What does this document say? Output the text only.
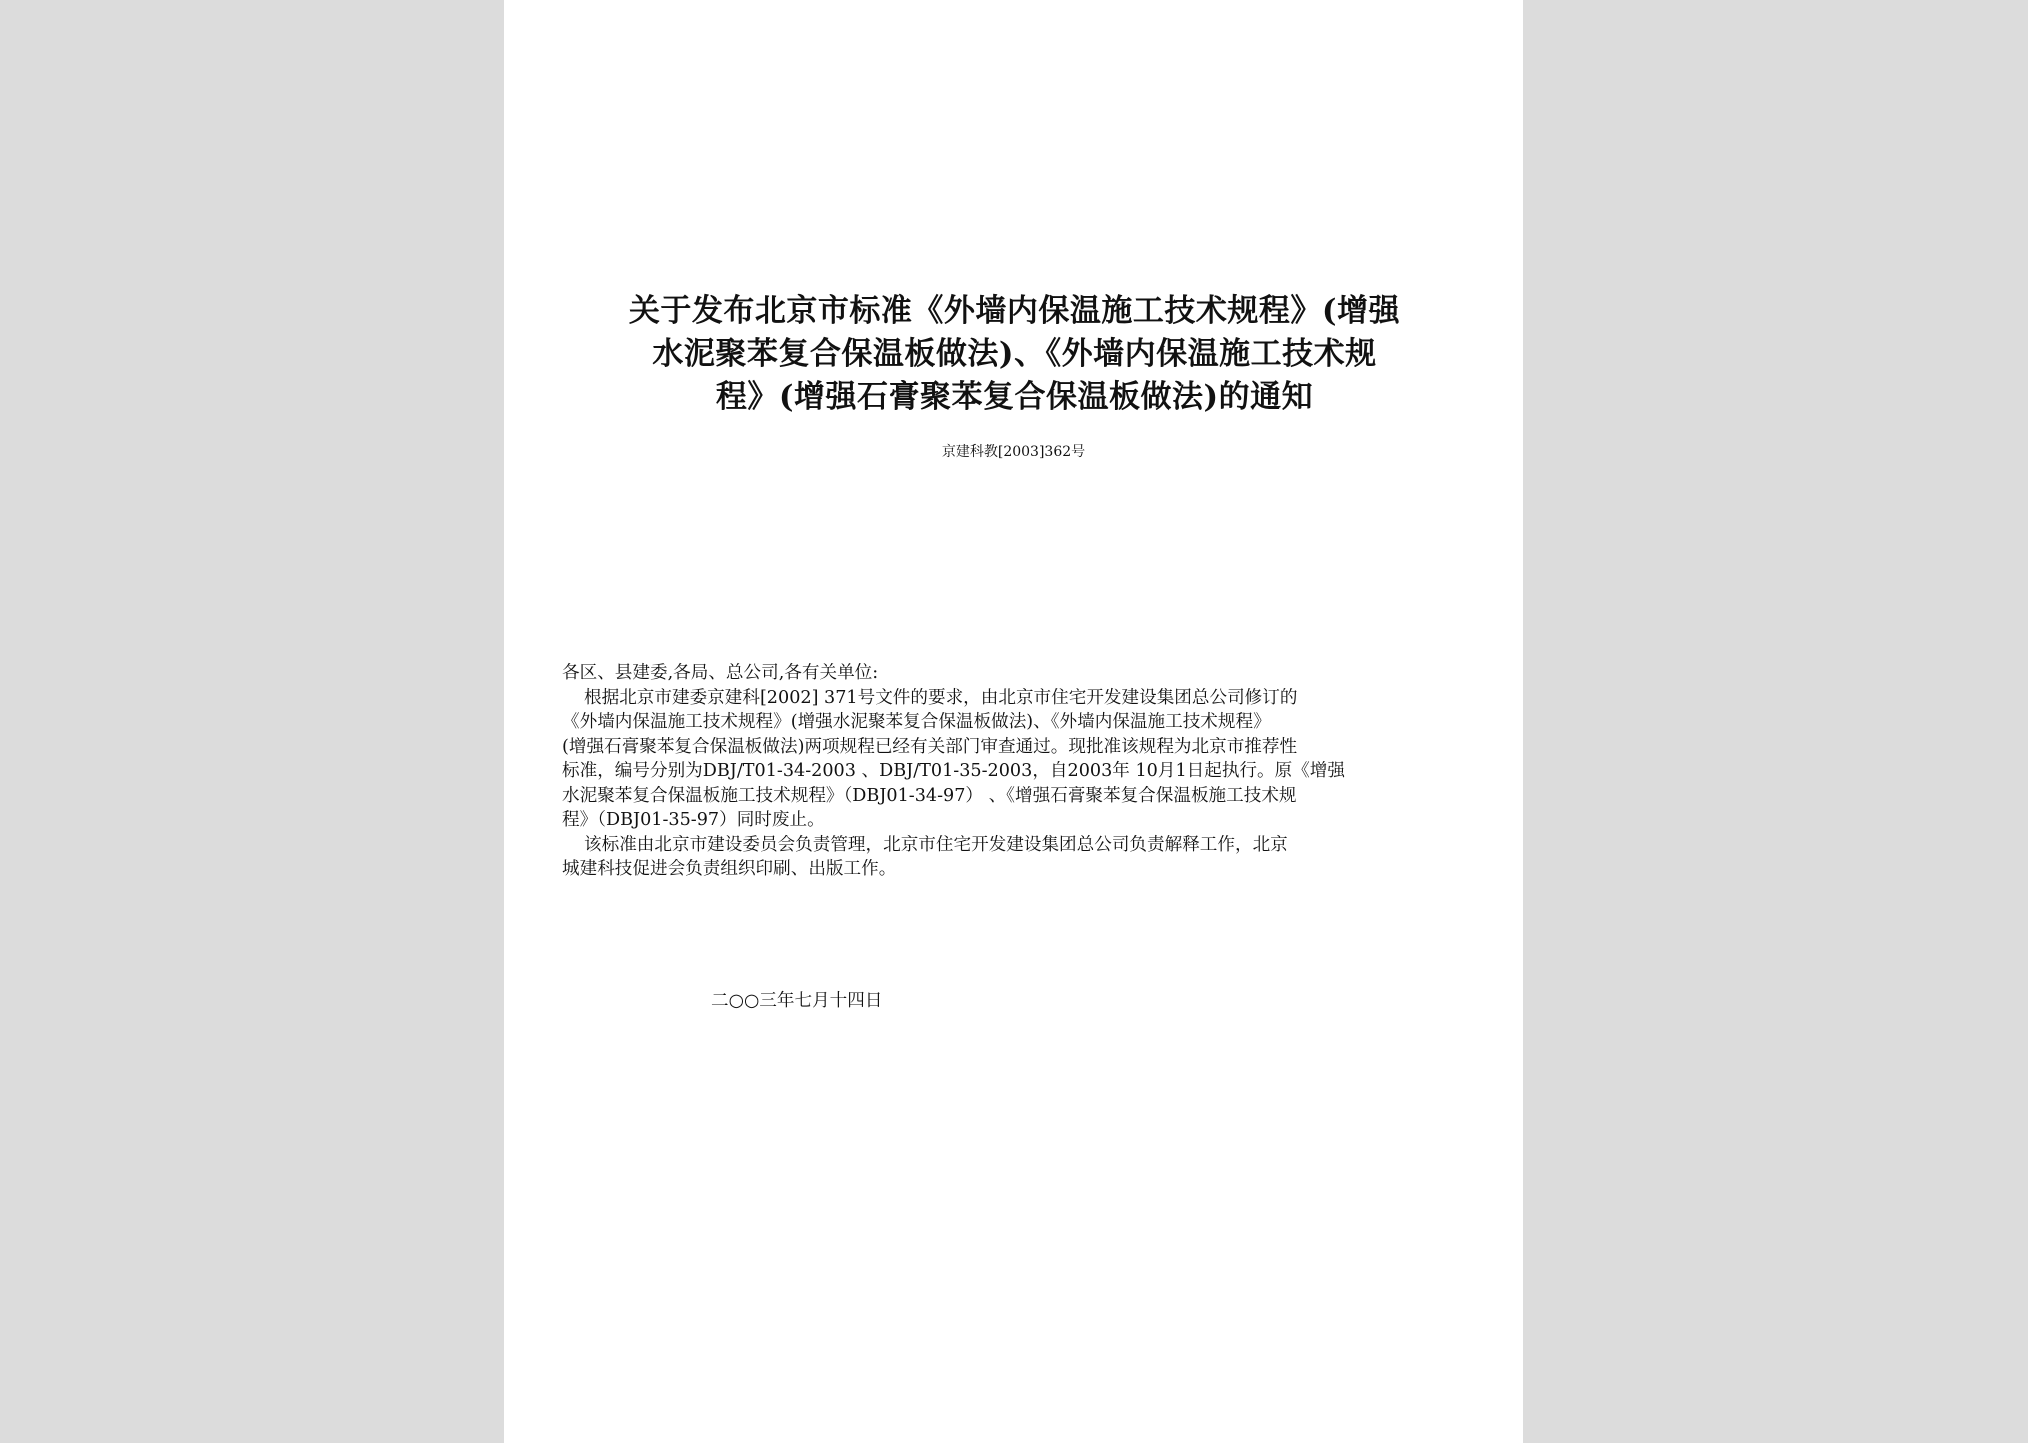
关于发布北京市标准《外墙内保温施工技术规程》(增强
水泥聚苯复合保温板做法)、《外墙内保温施工技术规
程》(增强石膏聚苯复合保温板做法)的通知
京建科教[2003]362号
各区、县建委,各局、总公司,各有关单位:
根据北京市建委京建科[2002] 371号文件的要求，由北京市住宅开发建设集团总公司修订的
《外墙内保温施工技术规程》(增强水泥聚苯复合保温板做法)、《外墙内保温施工技术规程》
(增强石膏聚苯复合保温板做法)两项规程已经有关部门审查通过。现批准该规程为北京市推荐性
标准，编号分别为DBJ/T01-34-2003 、DBJ/T01-35-2003，自2003年 10月1日起执行。原《增强
水泥聚苯复合保温板施工技术规程》（DBJ01-34-97） 、《增强石膏聚苯复合保温板施工技术规
程》（DBJ01-35-97）同时废止。
该标准由北京市建设委员会负责管理，北京市住宅开发建设集团总公司负责解释工作，北京
城建科技促进会负责组织印刷、出版工作。
二○○三年七月十四日
